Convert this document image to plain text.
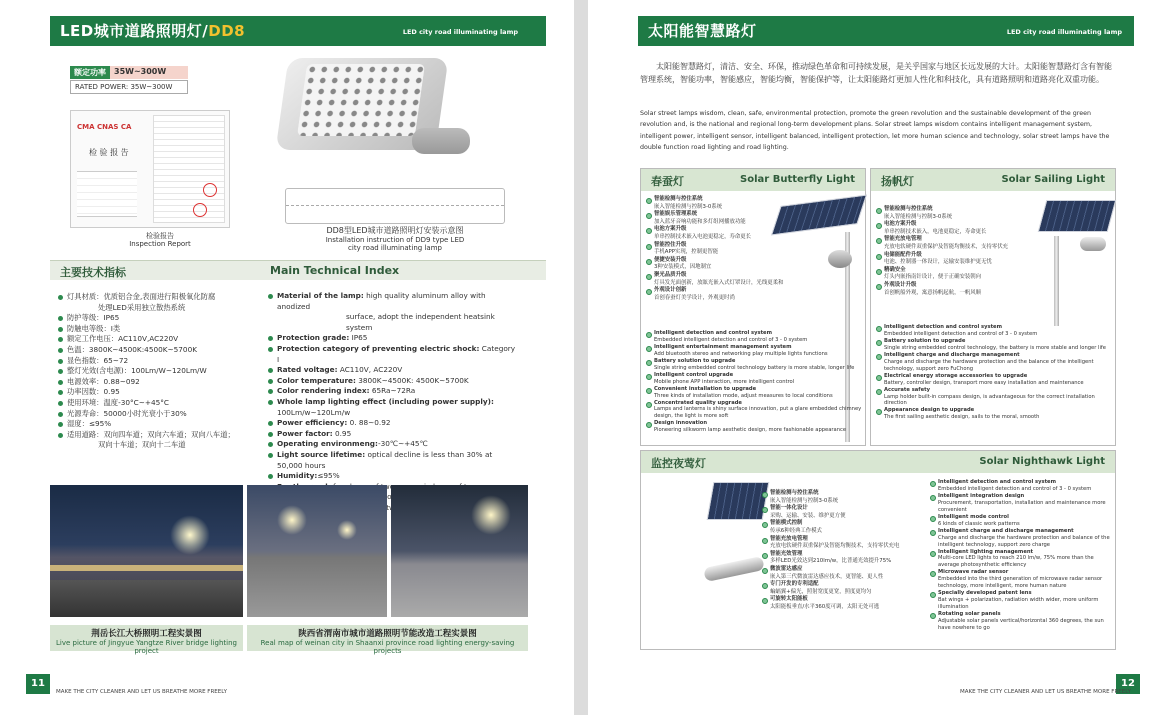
LED城市道路照明灯/DD8	LED city road illuminating lamp
额定功率	35W~300W
RATED POWER: 35W~300W
CMA CNAS CA
检 验 报 告
检验报告
Inspection Report
DD8型LED城市道路照明灯安装示意图
Installation instruction of DD9 type LED
city road illuminating lamp
主要技术指标	Main Technical Index
灯具材质：优质铝合金,表面进行阳极氧化防腐
处理LED采用独立散热系统
防护等级：IP65
防触电等级：Ⅰ类
额定工作电压：AC110V,AC220V
色温：3800K~4500K:4500K~5700K
显色指数：65~72
整灯光效(含电源)：100Lm/W~120Lm/W
电源效率：0.88~092
功率因数：0.95
使用环境：温度-30°C~+45°C
光源寿命：50000小时光衰小于30%
湿度：≤95%
适用道路：双向四车道；双向六车道；双向八车道；
双向十车道；双向十二车道
Material of the lamp: high quality aluminum alloy with anodized
surface, adopt the independent heatsink system
Protection grade: IP65
Protection category of preventing electric shock: Category I
Rated voltage: AC110V, AC220V
Color temperature: 3800K~4500K: 4500K~5700K
Color rendering index: 65Ra~72Ra
Whole lamp lighting effect (including power supply):
100Lm/w~120Lm/w
Power efficiency: 0. 88~0.92
Power factor: 0.95
Operating environmeng:-30℃~+45℃
Light source lifetime: optical decline is less than 30% at 50,000 hours
Humidity:≤95%
荆岳长江大桥照明工程实景图
Live picture of Jingyue Yangtze River bridge lighting project
陕西省渭南市城市道路照明节能改造工程实景图
Real map of weinan city in Shaanxi province road lighting energy-saving projects
11
MAKE THE CITY CLEANER AND LET US BREATHE MORE FREELY
太阳能智慧路灯	LED city road illuminating lamp
太阳能智慧路灯，清洁、安全、环保，推动绿色革命和可持续发展，是关乎国家与地区长远发展的大计。太阳能智慧路灯含有智能管理系统，智能功率，智能感应，智能均衡，智能保护等，让太阳能路灯更加人性化和科技化，具有道路照明和道路亮化双重功能。
Solar street lamps wisdom, clean, safe, environmental protection, promote the green revolution and the sustainable development of the green revolution and, is the national and regional long-term development plans. Solar street lamps wisdom contains intelligent management system, intelligent power, intelligent sensor, intelligent balanced, intelligent protection, let more human science and technology, solar street lamps have the double function road lighting and road lighting.
春蚕灯	Solar Butterfly Light
智能检测与控住系统
嵌入智能检测与控制3-0系统
智能娱乐管理系统
加入蓝牙音响功能和多灯组网播放功能
电池方案升级
单串控制技术嵌入电池更稳定，寿命更长
智能控住升级
手机APP实现，控制更智能
便捷安装升级
3种安装模式，因地制宜
聚光品质升级
灯具发光面创新，放眩光嵌入式灯罩设计，光线更柔和
外观设计创新
首创春蚕灯美学设计，外观更时尚
Intelligent detection and control system
Embedded intelligent detection and control of 3 - 0 system
Intelligent entertainment management system
Add bluetooth stereo and networking play multiple lights functions
Battery solution to upgrade
Single string embedded control technology battery is more stable, longer life
Intelligent control upgrade
Mobile phone APP interaction, more intelligent control
Convenient installation to upgrade
Three kinds of installation mode, adjust measures to local conditions
Concentrated quality upgrade
Lamps and lanterns is shiny surface innovation, put a glare embedded chimney design, the light is more soft
Design innovation
Pioneering silkworm lamp aesthetic design, more fashionable appearance
扬帆灯	Solar Sailing Light
智能检测与控住系统
嵌入智能检测与控制3-0系统
电池方案升级
单串控制技术嵌入，电池更稳定，寿命更长
智能充放电管理
充放电软硬件双重保护及智能均衡技术，支持零伏充
电储能配件升级
电池、控制器一体设计，运输安装维护更无忧
精确安全
灯头内嵌指南针设计，便于正确安装朝向
外观设计升级
首创帆船外观，寓意扬帆起航，一帆风顺
Intelligent detection and control system
Embedded intelligent detection and control of 3 - 0 system
Battery solution to upgrade
Single string embedded control technology, the battery is more stable and longer life
Intelligent charge and discharge management
Charge and discharge the hardware protection and the balance of the intelligent technology, support zero FuChong
Electrical energy storage accessories to upgrade
Battery, controller design, transport more easy installation and maintenance
Accurate safety
Lamp holder built-in compass design, is advantageous for the correct installation direction
Appearance design to upgrade
The first sailing aesthetic design, sails to the moral, smooth
监控夜莺灯	Solar Nighthawk Light
智能检测与控住系统
嵌入智能检测与控制3-0系统
智能一体化设计
采购、运输、安装、维护更方便
智能模式控制
传承6种经典工作模式
智能充放电管理
充放电软硬件双重保护及智能均衡技术，支持零伏充电
智能光效管理
多样LED光效达到210lm/w，比普通光效提升75%
微波雷达感应
嵌入第三代微波雷达感应技术，更智能、更人性
专门开发的专利适配
蝙蝠翼+偏光，照射宽度更宽，照度更均匀
可旋转太阳能板
太阳能板垂直/水平360度可调，太阳无处可逃
Intelligent detection and control system
Embedded intelligent detection and control of 3 - 0 system
Intelligent integration design
Procurement, transportation, installation and maintenance more convenient
Intelligent mode control
6 kinds of classic work patterns
Intelligent charge and discharge management
Charge and discharge the hardware protection and balance of the intelligent technology, support zero charge
Intelligent lighting management
Multi-core LED lights to reach 210 lm/w, 75% more than the average photosynthetic efficiency
Microwave radar sensor
Embedded into the third generation of microwave radar sensor technology, more intelligent, more human nature
Specially developed patent lens
Bat wings + polarization, radiation width wider, more uniform illumination
Rotating solar panels
Adjustable solar panels vertical/horizontal 360 degrees, the sun have nowhere to go
12
MAKE THE CITY CLEANER AND LET US BREATHE MORE FREELY
